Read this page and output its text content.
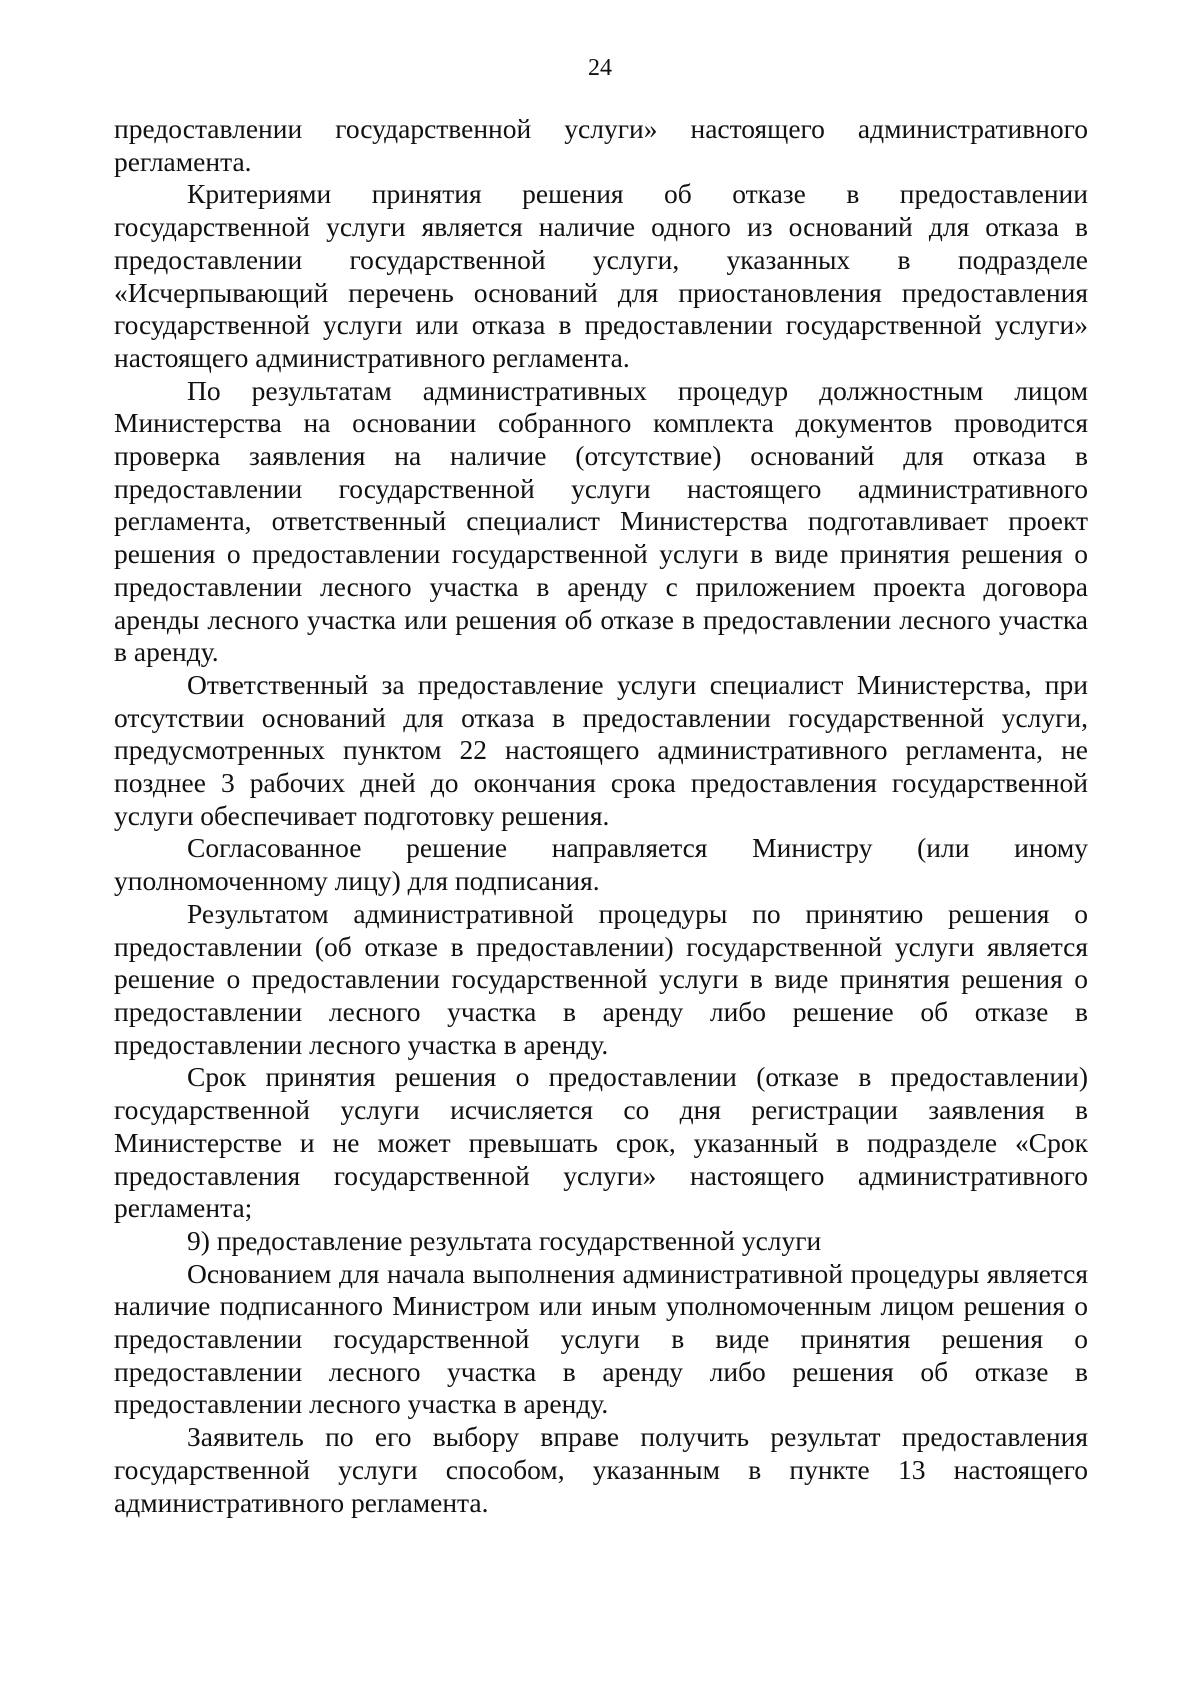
24

предоставлении государственной услуги» настоящего административного регламента.

Критериями принятия решения об отказе в предоставлении государственной услуги является наличие одного из оснований для отказа в предоставлении государственной услуги, указанных в подразделе «Исчерпывающий перечень оснований для приостановления предоставления государственной услуги или отказа в предоставлении государственной услуги» настоящего административного регламента.

По результатам административных процедур должностным лицом Министерства на основании собранного комплекта документов проводится проверка заявления на наличие (отсутствие) оснований для отказа в предоставлении государственной услуги настоящего административного регламента, ответственный специалист Министерства подготавливает проект решения о предоставлении государственной услуги в виде принятия решения о предоставлении лесного участка в аренду с приложением проекта договора аренды лесного участка или решения об отказе в предоставлении лесного участка в аренду.

Ответственный за предоставление услуги специалист Министерства, при отсутствии оснований для отказа в предоставлении государственной услуги, предусмотренных пунктом 22 настоящего административного регламента, не позднее 3 рабочих дней до окончания срока предоставления государственной услуги обеспечивает подготовку решения.

Согласованное решение направляется Министру (или иному уполномоченному лицу) для подписания.

Результатом административной процедуры по принятию решения о предоставлении (об отказе в предоставлении) государственной услуги является решение о предоставлении государственной услуги в виде принятия решения о предоставлении лесного участка в аренду либо решение об отказе в предоставлении лесного участка в аренду.

Срок принятия решения о предоставлении (отказе в предоставлении) государственной услуги исчисляется со дня регистрации заявления в Министерстве и не может превышать срок, указанный в подразделе «Срок предоставления государственной услуги» настоящего административного регламента;

9) предоставление результата государственной услуги

Основанием для начала выполнения административной процедуры является наличие подписанного Министром или иным уполномоченным лицом решения о предоставлении государственной услуги в виде принятия решения о предоставлении лесного участка в аренду либо решения об отказе в предоставлении лесного участка в аренду.

Заявитель по его выбору вправе получить результат предоставления государственной услуги способом, указанным в пункте 13 настоящего административного регламента.
